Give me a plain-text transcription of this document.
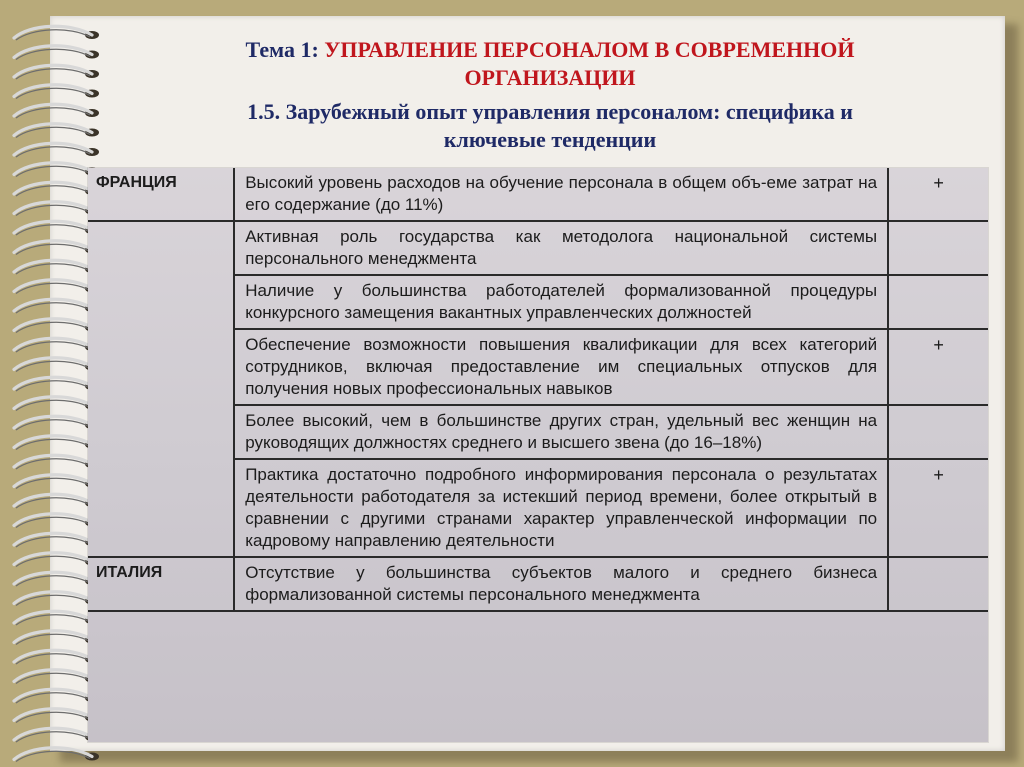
Тема 1: УПРАВЛЕНИЕ ПЕРСОНАЛОМ В СОВРЕМЕННОЙ
ОРГАНИЗАЦИИ
1.5. Зарубежный опыт управления персоналом: специфика и
ключевые тенденции
ФРАНЦИЯ	Высокий уровень расходов на обучение персонала в общем объ-еме затрат на его содержание (до 11%)	+
	Активная роль государства как методолога национальной системы персонального менеджмента	
	Наличие у большинства работодателей формализованной процедуры конкурсного замещения вакантных управленческих должностей	
	Обеспечение возможности повышения квалификации для всех категорий сотрудников, включая предоставление им специальных отпусков для получения новых профессиональных навыков	+
	Более высокий, чем в большинстве других стран, удельный вес женщин на руководящих должностях среднего и высшего звена (до 16–18%)	
	Практика достаточно подробного информирования персонала о результатах деятельности работодателя за истекший период времени, более открытый в сравнении с другими странами характер управленческой информации по кадровому направлению деятельности	+
ИТАЛИЯ	Отсутствие у большинства субъектов малого и среднего бизнеса формализованной системы персонального менеджмента	
